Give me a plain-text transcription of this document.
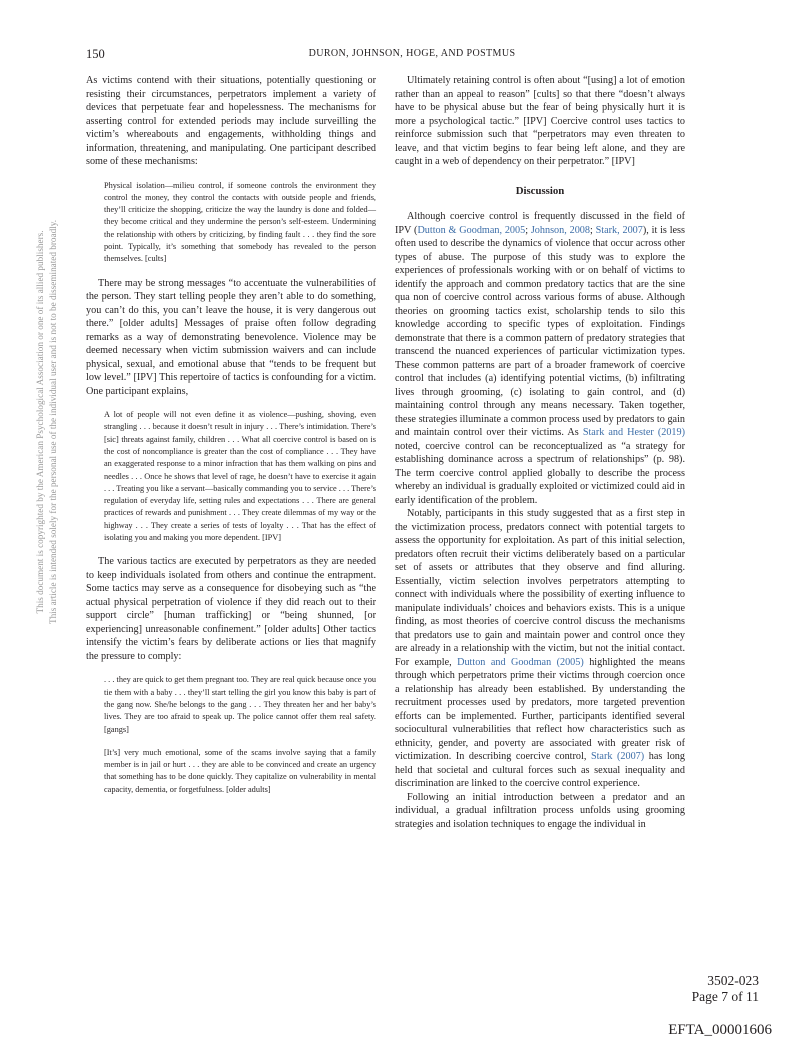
150	DURON, JOHNSON, HOGE, AND POSTMUS
This document is copyrighted by the American Psychological Association or one of its allied publishers. This article is intended solely for the personal use of the individual user and is not to be disseminated broadly.

As victims contend with their situations, potentially questioning or resisting their circumstances, perpetrators implement a variety of devices that perpetuate fear and hopelessness. The mechanisms for asserting control for extended periods may include surveilling the victim’s whereabouts and engagements, withholding things and information, threatening, and manipulating. One participant described some of these mechanisms:

Physical isolation—milieu control, if someone controls the environment they control the money, they control the contacts with outside people and friends, they’ll criticize the shopping, criticize the way the laundry is done and folded—they become critical and they undermine the person’s self-esteem. Undermining the relationship with others by criticizing, by finding fault . . . they find the sore point. Typically, it’s something that somebody has revealed to the person themselves. [cults]

There may be strong messages “to accentuate the vulnerabilities of the person. They start telling people they aren’t able to do something, you can’t do this, you can’t leave the house, it is very dangerous out there.” [older adults] Messages of praise often follow degrading remarks as a way of demonstrating benevolence. Violence may be deemed necessary when victim submission waivers and can include physical, sexual, and emotional abuse that “tends to be frequent but low level.” [IPV] This repertoire of tactics is confounding for a victim. One participant explains,

A lot of people will not even define it as violence—pushing, shoving, even strangling . . . because it doesn’t result in injury . . . There’s intimidation. There’s [sic] threats against family, children . . . What all coercive control is based on is the cost of noncompliance is greater than the cost of compliance . . . They have an exaggerated response to a minor infraction that has them walking on pins and needles . . . Once he shows that level of rage, he doesn’t have to exercise it again . . . Treating you like a servant—basically commanding you to service . . . There’s regulation of everyday life, setting rules and expectations . . . There are general practices of rewards and punishment . . . They create dilemmas of my way or the highway . . . They create a series of tests of loyalty . . . That has the effect of isolating you and making you more dependent. [IPV]

The various tactics are executed by perpetrators as they are needed to keep individuals isolated from others and continue the entrapment. Some tactics may serve as a consequence for disobeying such as “the actual physical perpetration of violence if they did reach out to their support circle” [human trafficking] or “being shunned, [or experiencing] unreasonable confinement.” [older adults] Other tactics intensify the victim’s fears by deliberate actions or lies that magnify the pressure to comply:

. . . they are quick to get them pregnant too. They are real quick because once you tie them with a baby . . . they’ll start telling the girl you know this baby is part of the gang now. She/he belongs to the gang . . . They threaten her and her baby’s lives. They are too afraid to speak up. The police cannot offer them real safety. [gangs]
[It’s] very much emotional, some of the scams involve saying that a family member is in jail or hurt . . . they are able to be convinced and create an urgency that something has to be done quickly. They capitalize on vulnerability in mental capacity, dementia, or forgetfulness. [older adults]

Ultimately retaining control is often about “[using] a lot of emotion rather than an appeal to reason” [cults] so that there “doesn’t always have to be physical abuse but the fear of being physically hurt it is more a psychological tactic.” [IPV] Coercive control uses tactics to reinforce submission such that “perpetrators may even threaten to leave, and that victim begins to fear being left alone, and they are caught in a web of dependency on their perpetrator.” [IPV]

Discussion

Although coercive control is frequently discussed in the field of IPV (Dutton & Goodman, 2005; Johnson, 2008; Stark, 2007), it is less often used to describe the dynamics of violence that occur across other types of abuse. The purpose of this study was to explore the experiences of professionals working with or on behalf of victims to identify the approach and common predatory tactics that are the sine qua non of coercive control across various forms of abuse. Although theories on grooming tactics exist, scholarship tends to silo this knowledge according to specific types of exploitation. Findings demonstrate that there is a common pattern of predatory strategies that transcend the nuanced experiences of particular victimization types. These common patterns are part of a broader framework of coercive control that includes (a) identifying potential victims, (b) infiltrating lives through grooming, (c) isolating to gain control, and (d) maintaining control through any means necessary. Taken together, these strategies illuminate a common process used by predators to gain and maintain control over their victims. As Stark and Hester (2019) noted, coercive control can be reconceptualized as “a strategy for establishing dominance across a spectrum of relationships” (p. 98). The term coercive control applied globally to describe the process whereby an individual is gradually exploited or victimized could aid in early identification of the problem.

Notably, participants in this study suggested that as a first step in the victimization process, predators connect with potential targets to assess the opportunity for exploitation. As part of this initial selection, predators often recruit their victims deliberately based on a particular set of assets or attributes that they observe and find alluring. Essentially, victim selection involves perpetrators attempting to connect with individuals where the possibility of exerting influence to manipulate individuals’ choices and behaviors exists. This is a unique finding, as most theories of coercive control discuss the mechanisms that predators use to gain and maintain power and control once they are already in a relationship with the victim, but not the initial contact. For example, Dutton and Goodman (2005) highlighted the means through which perpetrators prime their victims through coercion once a relationship has already been established. By understanding the recruitment processes used by predators, more targeted prevention efforts can be implemented. Further, participants identified several sociocultural vulnerabilities that reflect how characteristics such as ethnicity, gender, and poverty are associated with greater risk of victimization. In describing coercive control, Stark (2007) has long held that societal and cultural forces such as sexual inequality and discrimination are linked to the coercive control experience.

Following an initial introduction between a predator and an individual, a gradual infiltration process unfolds using grooming strategies and isolation techniques to engage the individual in

3502-023
Page 7 of 11
EFTA_00001606
